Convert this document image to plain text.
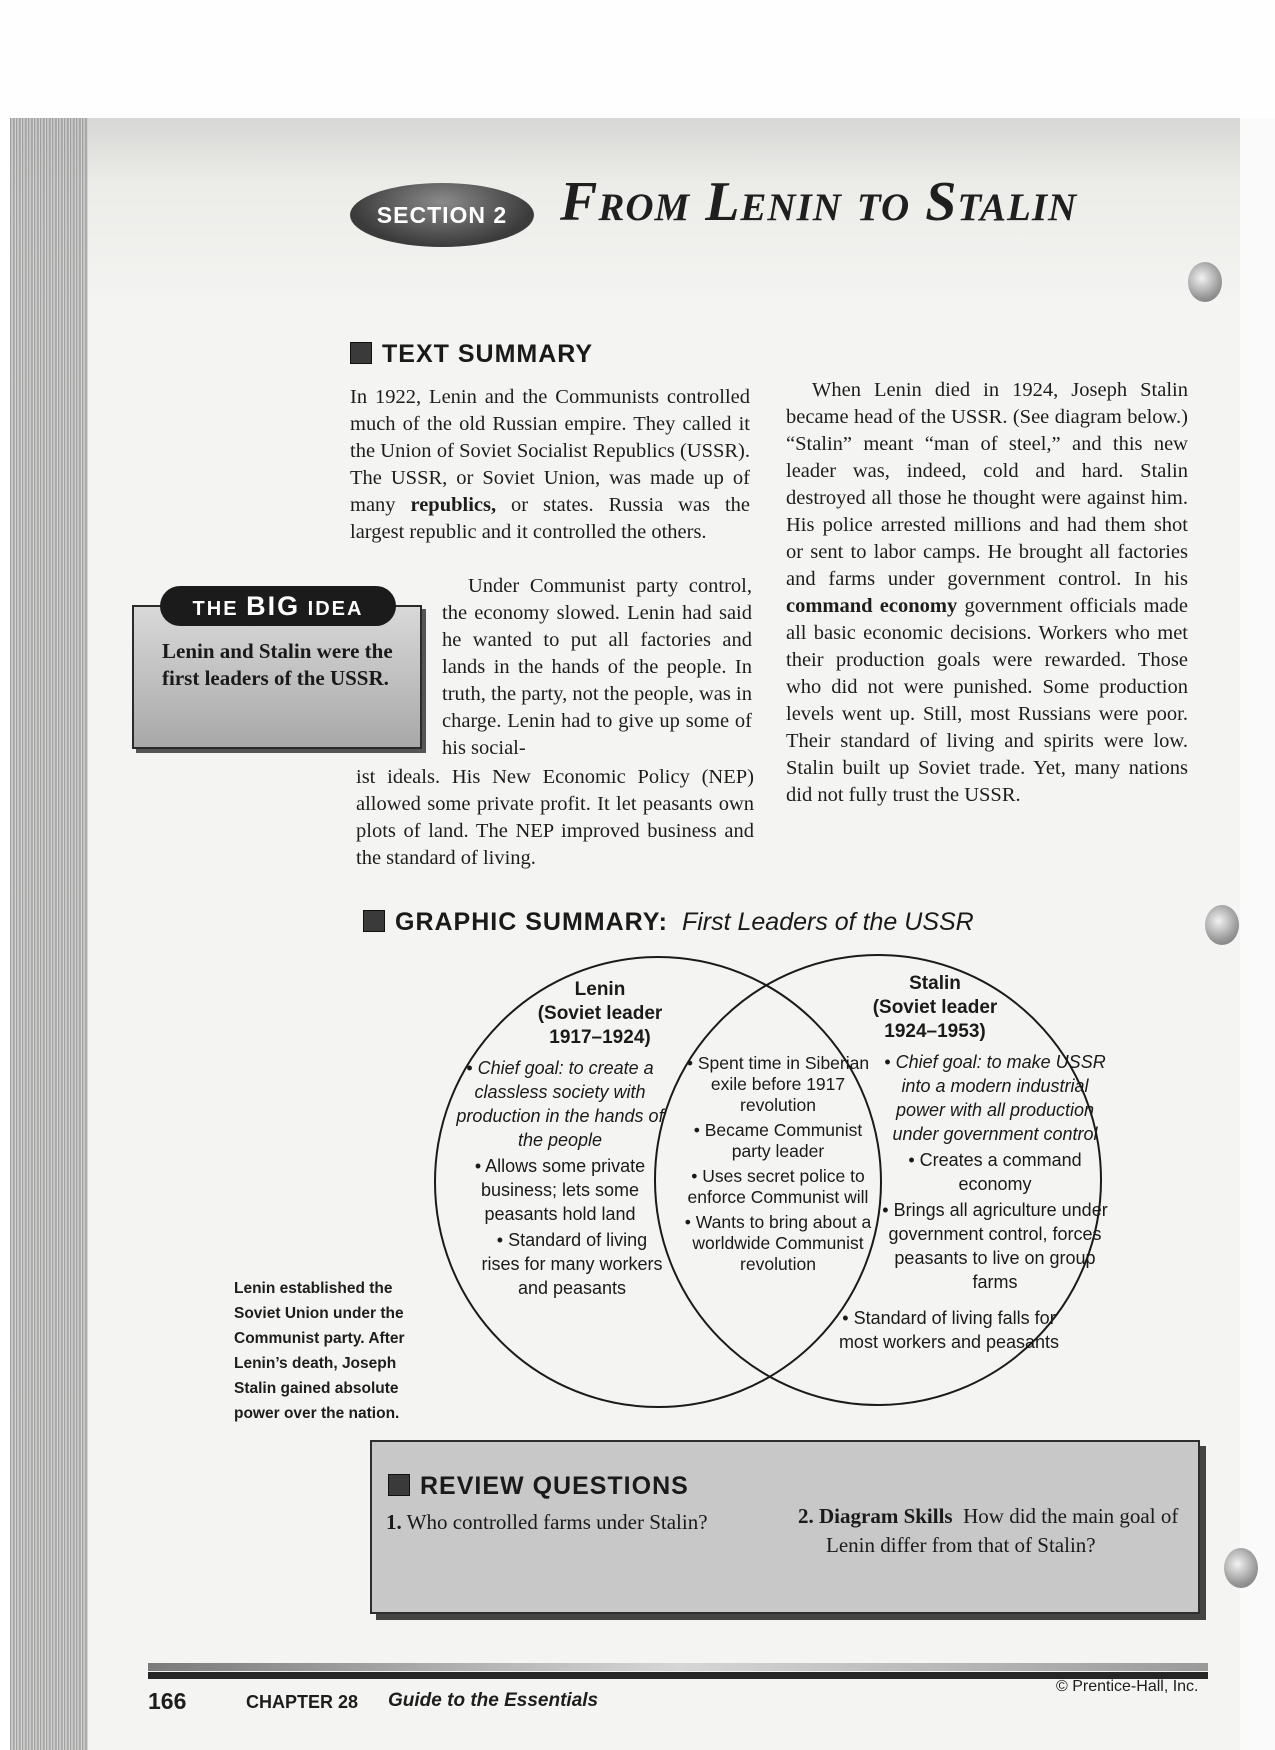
SECTION 2 From Lenin to Stalin
TEXT SUMMARY

In 1922, Lenin and the Communists controlled much of the old Russian empire. They called it the Union of Soviet Socialist Republics (USSR). The USSR, or Soviet Union, was made up of many republics, or states. Russia was the largest republic and it controlled the others.

Under Communist party control, the economy slowed. Lenin had said he wanted to put all factories and lands in the hands of the people. In truth, the party, not the people, was in charge. Lenin had to give up some of his social-

ist ideals. His New Economic Policy (NEP) allowed some private profit. It let peasants own plots of land. The NEP improved business and the standard of living.

When Lenin died in 1924, Joseph Stalin became head of the USSR. (See diagram below.) “Stalin” meant “man of steel,” and this new leader was, indeed, cold and hard. Stalin destroyed all those he thought were against him. His police arrested millions and had them shot or sent to labor camps. He brought all factories and farms under government control. In his command economy government officials made all basic economic decisions. Workers who met their production goals were rewarded. Those who did not were punished. Some production levels went up. Still, most Russians were poor. Their standard of living and spirits were low. Stalin built up Soviet trade. Yet, many nations did not fully trust the USSR.

THE BIG IDEA
Lenin and Stalin were the first leaders of the USSR.
GRAPHIC SUMMARY: First Leaders of the USSR
Lenin
(Soviet leader
1917–1924)

• Chief goal: to create a classless society with production in the hands of the people

• Allows some private business; lets some peasants hold land

• Standard of living rises for many workers and peasants

• Spent time in Siberian exile before 1917 revolution

• Became Communist party leader

• Uses secret police to enforce Communist will

• Wants to bring about a worldwide Communist revolution

Stalin
(Soviet leader
1924–1953)

• Chief goal: to make USSR into a modern industrial power with all production under government control

• Creates a command economy

• Brings all agriculture under government control, forces peasants to live on group farms

• Standard of living falls for most workers and peasants

Lenin established the Soviet Union under the Communist party. After Lenin’s death, Joseph Stalin gained absolute power over the nation.
REVIEW QUESTIONS
1. Who controlled farms under Stalin?	2. Diagram Skills How did the main goal of Lenin differ from that of Stalin?
166	CHAPTER 28 Guide to the Essentials
© Prentice-Hall, Inc.
